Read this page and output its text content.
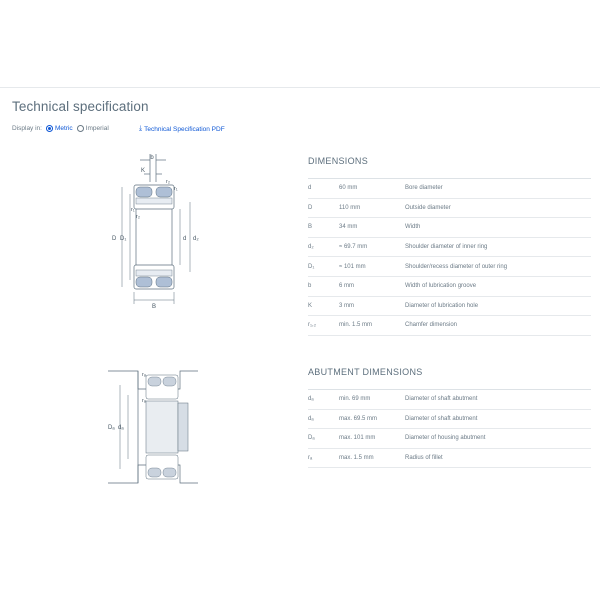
Technical specification
Display in: Metric Imperial	⤓ Technical Specification PDF
b
K
r₂
r₁
r₁
r₂
D D₁	d d₂
B
rₐ
rₐ
Dₐ dₐ
DIMENSIONS
d	60 mm	Bore diameter
D	110 mm	Outside diameter
B	34 mm	Width
d₂	≈ 69.7 mm	Shoulder diameter of inner ring
D₁	≈ 101 mm	Shoulder/recess diameter of outer ring
b	6 mm	Width of lubrication groove
K	3 mm	Diameter of lubrication hole
r₁,₂	min. 1.5 mm	Chamfer dimension
ABUTMENT DIMENSIONS
dₐ	min. 69 mm	Diameter of shaft abutment
dₐ	max. 69.5 mm	Diameter of shaft abutment
Dₐ	max. 101 mm	Diameter of housing abutment
rₐ	max. 1.5 mm	Radius of fillet
